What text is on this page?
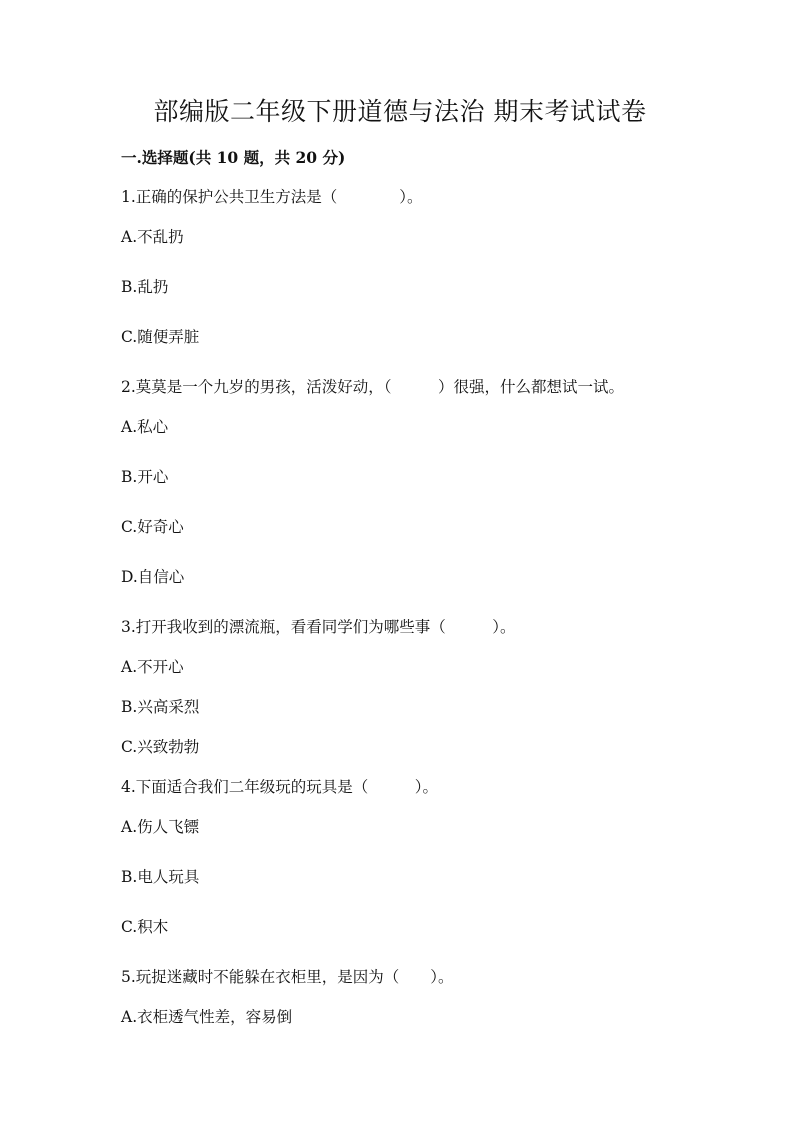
部编版二年级下册道德与法治 期末考试试卷
一.选择题(共 10 题，共 20 分)
1.正确的保护公共卫生方法是（　　　　）。
A.不乱扔
B.乱扔
C.随便弄脏
2.莫莫是一个九岁的男孩，活泼好动，（　　　）很强，什么都想试一试。
A.私心
B.开心
C.好奇心
D.自信心
3.打开我收到的漂流瓶，看看同学们为哪些事（　　　）。
A.不开心
B.兴高采烈
C.兴致勃勃
4.下面适合我们二年级玩的玩具是（　　　）。
A.伤人飞镖
B.电人玩具
C.积木
5.玩捉迷藏时不能躲在衣柜里，是因为（　　）。
A.衣柜透气性差，容易倒
